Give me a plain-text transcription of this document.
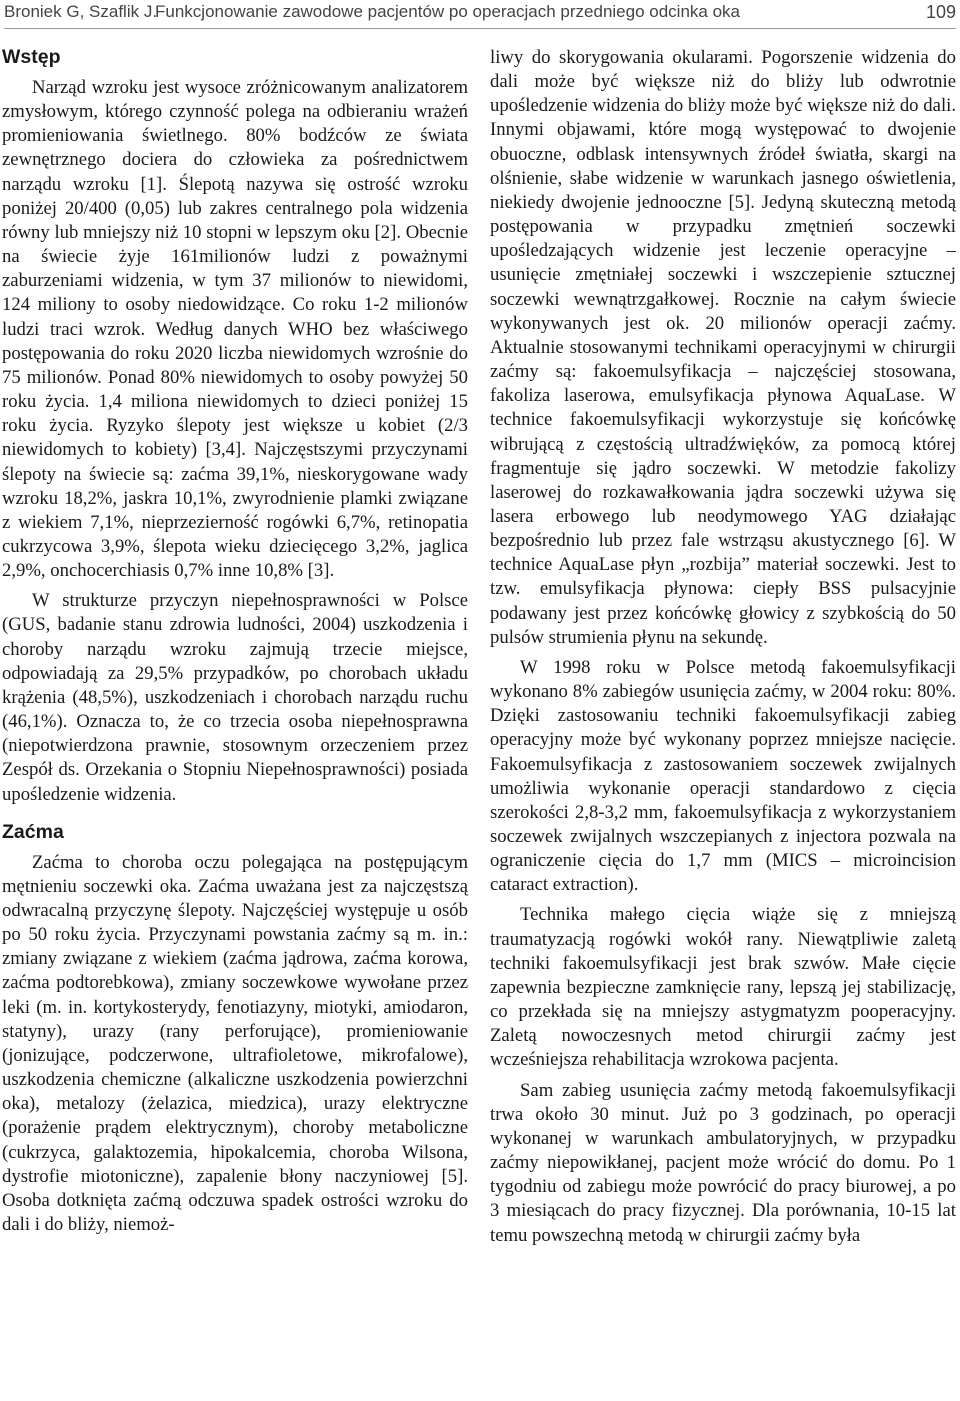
Broniek G, Szaflik J.
Funkcjonowanie zawodowe pacjentów po operacjach przedniego odcinka oka	109
Wstęp

Narząd wzroku jest wysoce zróżnicowanym analizatorem zmysłowym, którego czynność polega na odbieraniu wrażeń promieniowania świetlnego. 80% bodźców ze świata zewnętrznego dociera do człowieka za pośrednictwem narządu wzroku [1]. Ślepotą nazywa się ostrość wzroku poniżej 20/400 (0,05) lub zakres centralnego pola widzenia równy lub mniejszy niż 10 stopni w lepszym oku [2]. Obecnie na świecie żyje 161milionów ludzi z poważnymi zaburzeniami widzenia, w tym 37 milionów to niewidomi, 124 miliony to osoby niedowidzące. Co roku 1-2 milionów ludzi traci wzrok. Według danych WHO bez właściwego postępowania do roku 2020 liczba niewidomych wzrośnie do 75 milionów. Ponad 80% niewidomych to osoby powyżej 50 roku życia. 1,4 miliona niewidomych to dzieci poniżej 15 roku życia. Ryzyko ślepoty jest większe u kobiet (2/3 niewidomych to kobiety) [3,4]. Najczęstszymi przyczynami ślepoty na świecie są: zaćma 39,1%, nieskorygowane wady wzroku 18,2%, jaskra 10,1%, zwyrodnienie plamki związane z wiekiem 7,1%, nieprzezierność rogówki 6,7%, retinopatia cukrzycowa 3,9%, ślepota wieku dziecięcego 3,2%, jaglica 2,9%, onchocerchiasis 0,7% inne 10,8% [3].

W strukturze przyczyn niepełnosprawności w Polsce (GUS, badanie stanu zdrowia ludności, 2004) uszkodzenia i choroby narządu wzroku zajmują trzecie miejsce, odpowiadają za 29,5% przypadków, po chorobach układu krążenia (48,5%), uszkodzeniach i chorobach narządu ruchu (46,1%). Oznacza to, że co trzecia osoba niepełnosprawna (niepotwierdzona prawnie, stosownym orzeczeniem przez Zespół ds. Orzekania o Stopniu Niepełnosprawności) posiada upośledzenie widzenia.

Zaćma

Zaćma to choroba oczu polegająca na postępującym mętnieniu soczewki oka. Zaćma uważana jest za najczęstszą odwracalną przyczynę ślepoty. Najczęściej występuje u osób po 50 roku życia. Przyczynami powstania zaćmy są m. in.: zmiany związane z wiekiem (zaćma jądrowa, zaćma korowa, zaćma podtorebkowa), zmiany soczewkowe wywołane przez leki (m. in. kortykosterydy, fenotiazyny, miotyki, amiodaron, statyny), urazy (rany perforujące), promieniowanie (jonizujące, podczerwone, ultrafioletowe, mikrofalowe), uszkodzenia chemiczne (alkaliczne uszkodzenia powierzchni oka), metalozy (żelazica, miedzica), urazy elektryczne (porażenie prądem elektrycznym), choroby metaboliczne (cukrzyca, galaktozemia, hipokalcemia, choroba Wilsona, dystrofie miotoniczne), zapalenie błony naczyniowej [5]. Osoba dotknięta zaćmą odczuwa spadek ostrości wzroku do dali i do bliży, niemoż-

liwy do skorygowania okularami. Pogorszenie widzenia do dali może być większe niż do bliży lub odwrotnie upośledzenie widzenia do bliży może być większe niż do dali. Innymi objawami, które mogą występować to dwojenie obuoczne, odblask intensywnych źródeł światła, skargi na olśnienie, słabe widzenie w warunkach jasnego oświetlenia, niekiedy dwojenie jednooczne [5]. Jedyną skuteczną metodą postępowania w przypadku zmętnień soczewki upośledzających widzenie jest leczenie operacyjne – usunięcie zmętniałej soczewki i wszczepienie sztucznej soczewki wewnątrzgałkowej. Rocznie na całym świecie wykonywanych jest ok. 20 milionów operacji zaćmy. Aktualnie stosowanymi technikami operacyjnymi w chirurgii zaćmy są: fakoemulsyfikacja – najczęściej stosowana, fakoliza laserowa, emulsyfikacja płynowa AquaLase. W technice fakoemulsyfikacji wykorzystuje się końcówkę wibrującą z częstością ultradźwięków, za pomocą której fragmentuje się jądro soczewki. W metodzie fakolizy laserowej do rozkawałkowania jądra soczewki używa się lasera erbowego lub neodymowego YAG działając bezpośrednio lub przez fale wstrząsu akustycznego [6]. W technice AquaLase płyn „rozbija” materiał soczewki. Jest to tzw. emulsyfikacja płynowa: ciepły BSS pulsacyjnie podawany jest przez końcówkę głowicy z szybkością do 50 pulsów strumienia płynu na sekundę.

W 1998 roku w Polsce metodą fakoemulsyfikacji wykonano 8% zabiegów usunięcia zaćmy, w 2004 roku: 80%. Dzięki zastosowaniu techniki fakoemulsyfikacji zabieg operacyjny może być wykonany poprzez mniejsze nacięcie. Fakoemulsyfikacja z zastosowaniem soczewek zwijalnych umożliwia wykonanie operacji standardowo z cięcia szerokości 2,8-3,2 mm, fakoemulsyfikacja z wykorzystaniem soczewek zwijalnych wszczepianych z injectora pozwala na ograniczenie cięcia do 1,7 mm (MICS – microincision cataract extraction).

Technika małego cięcia wiąże się z mniejszą traumatyzacją rogówki wokół rany. Niewątpliwie zaletą techniki fakoemulsyfikacji jest brak szwów. Małe cięcie zapewnia bezpieczne zamknięcie rany, lepszą jej stabilizację, co przekłada się na mniejszy astygmatyzm pooperacyjny. Zaletą nowoczesnych metod chirurgii zaćmy jest wcześniejsza rehabilitacja wzrokowa pacjenta.

Sam zabieg usunięcia zaćmy metodą fakoemulsyfikacji trwa około 30 minut. Już po 3 godzinach, po operacji wykonanej w warunkach ambulatoryjnych, w przypadku zaćmy niepowikłanej, pacjent może wrócić do domu. Po 1 tygodniu od zabiegu może powrócić do pracy biurowej, a po 3 miesiącach do pracy fizycznej. Dla porównania, 10-15 lat temu powszechną metodą w chirurgii zaćmy była
